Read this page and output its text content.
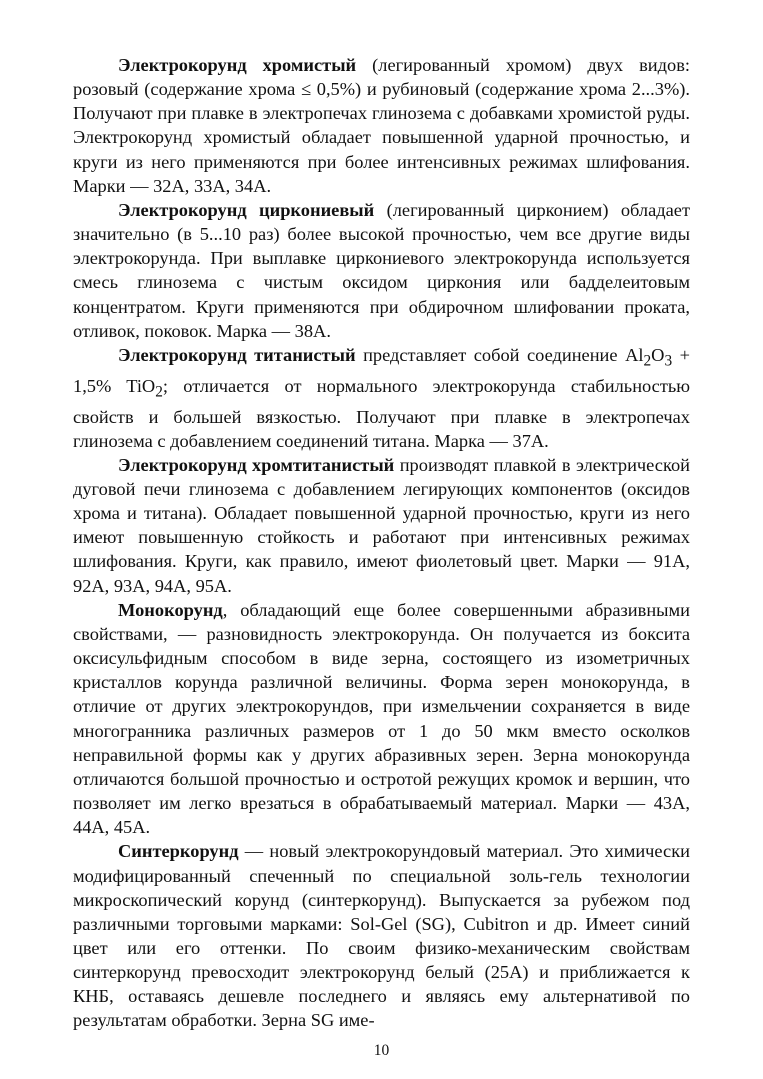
Электрокорунд хромистый (легированный хромом) двух видов: розовый (содержание хрома ≤ 0,5%) и рубиновый (содержание хрома 2...3%). Получают при плавке в электропечах глинозема с добавками хромистой руды. Электрокорунд хромистый обладает повышенной ударной прочностью, и круги из него применяются при более интенсивных режимах шлифования. Марки — 32А, 33А, 34А.

Электрокорунд циркониевый (легированный цирконием) обладает значительно (в 5...10 раз) более высокой прочностью, чем все другие виды электрокорунда. При выплавке циркониевого электрокорунда используется смесь глинозема с чистым оксидом циркония или бадделеитовым концентратом. Круги применяются при обдирочном шлифовании проката, отливок, поковок. Марка — 38А.

Электрокорунд титанистый представляет собой соединение $Al_2O_3 + 1,5\%$ TiO$_2$; отличается от нормального электрокорунда стабильностью свойств и большей вязкостью. Получают при плавке в электропечах глинозема с добавлением соединений титана. Марка — 37А.

Электрокорунд хромтитанистый производят плавкой в электрической дуговой печи глинозема с добавлением легирующих компонентов (оксидов хрома и титана). Обладает повышенной ударной прочностью, круги из него имеют повышенную стойкость и работают при интенсивных режимах шлифования. Круги, как правило, имеют фиолетовый цвет. Марки — 91А, 92А, 93А, 94А, 95А.

Монокорунд, обладающий еще более совершенными абразивными свойствами, — разновидность электрокорунда. Он получается из боксита оксисульфидным способом в виде зерна, состоящего из изометричных кристаллов корунда различной величины. Форма зерен монокорунда, в отличие от других электрокорундов, при измельчении сохраняется в виде многогранника различных размеров от 1 до 50 мкм вместо осколков неправильной формы как у других абразивных зерен. Зерна монокорунда отличаются большой прочностью и остротой режущих кромок и вершин, что позволяет им легко врезаться в обрабатываемый материал. Марки — 43А, 44А, 45А.

Синтеркорунд — новый электрокорундовый материал. Это химически модифицированный спеченный по специальной золь-гель технологии микроскопический корунд (синтеркорунд). Выпускается за рубежом под различными торговыми марками: Sol-Gel (SG), Cubitron и др. Имеет синий цвет или его оттенки. По своим физико-механическим свойствам синтеркорунд превосходит электрокорунд белый (25А) и приближается к КНБ, оставаясь дешевле последнего и являясь ему альтернативой по результатам обработки. Зерна SG име-

10
